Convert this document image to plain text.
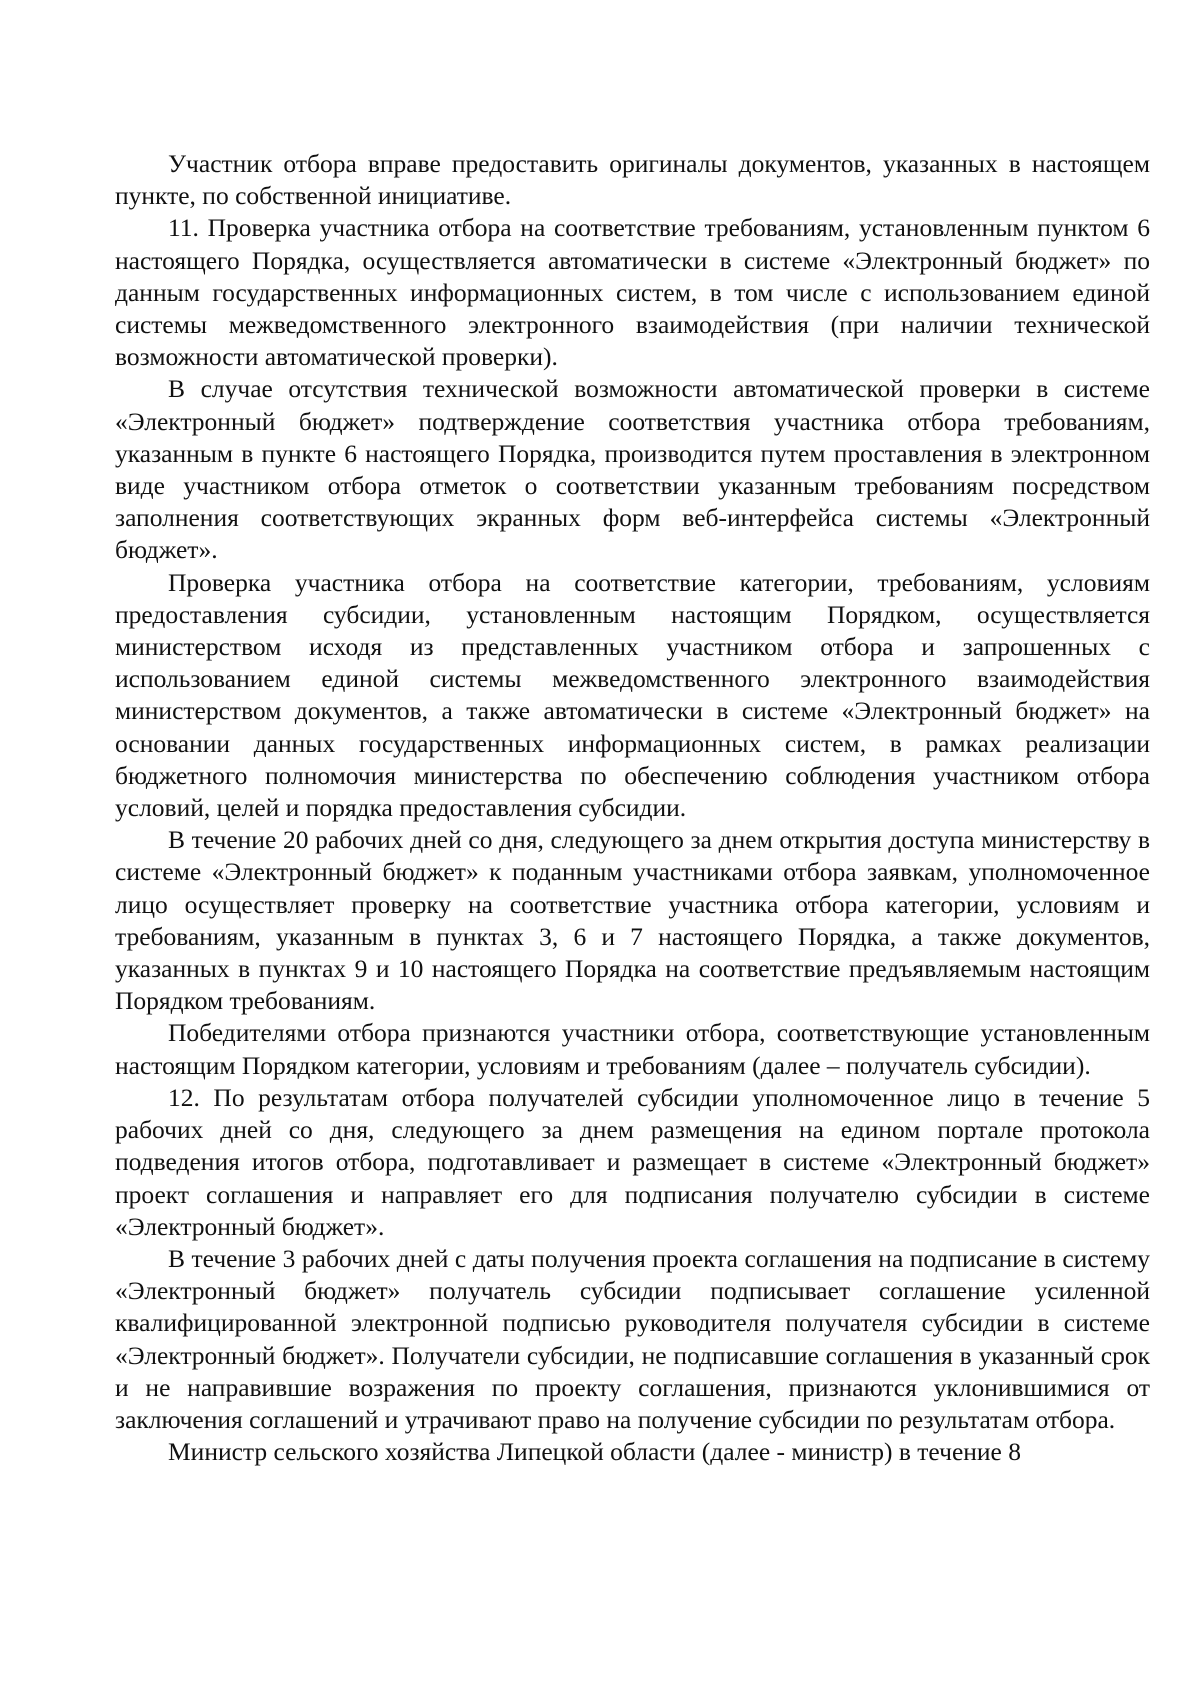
Участник отбора вправе предоставить оригиналы документов, указанных в настоящем пункте, по собственной инициативе.

11. Проверка участника отбора на соответствие требованиям, установленным пунктом 6 настоящего Порядка, осуществляется автоматически в системе «Электронный бюджет» по данным государственных информационных систем, в том числе с использованием единой системы межведомственного электронного взаимодействия (при наличии технической возможности автоматической проверки).

В случае отсутствия технической возможности автоматической проверки в системе «Электронный бюджет» подтверждение соответствия участника отбора требованиям, указанным в пункте 6 настоящего Порядка, производится путем проставления в электронном виде участником отбора отметок о соответствии указанным требованиям посредством заполнения соответствующих экранных форм веб-интерфейса системы «Электронный бюджет».

Проверка участника отбора на соответствие категории, требованиям, условиям предоставления субсидии, установленным настоящим Порядком, осуществляется министерством исходя из представленных участником отбора и запрошенных с использованием единой системы межведомственного электронного взаимодействия министерством документов, а также автоматически в системе «Электронный бюджет» на основании данных государственных информационных систем, в рамках реализации бюджетного полномочия министерства по обеспечению соблюдения участником отбора условий, целей и порядка предоставления субсидии.

В течение 20 рабочих дней со дня, следующего за днем открытия доступа министерству в системе «Электронный бюджет» к поданным участниками отбора заявкам, уполномоченное лицо осуществляет проверку на соответствие участника отбора категории, условиям и требованиям, указанным в пунктах 3, 6 и 7 настоящего Порядка, а также документов, указанных в пунктах 9 и 10 настоящего Порядка на соответствие предъявляемым настоящим Порядком требованиям.

Победителями отбора признаются участники отбора, соответствующие установленным настоящим Порядком категории, условиям и требованиям (далее – получатель субсидии).

12. По результатам отбора получателей субсидии уполномоченное лицо в течение 5 рабочих дней со дня, следующего за днем размещения на едином портале протокола подведения итогов отбора, подготавливает и размещает в системе «Электронный бюджет» проект соглашения и направляет его для подписания получателю субсидии в системе «Электронный бюджет».

В течение 3 рабочих дней с даты получения проекта соглашения на подписание в систему «Электронный бюджет» получатель субсидии подписывает соглашение усиленной квалифицированной электронной подписью руководителя получателя субсидии в системе «Электронный бюджет». Получатели субсидии, не подписавшие соглашения в указанный срок и не направившие возражения по проекту соглашения, признаются уклонившимися от заключения соглашений и утрачивают право на получение субсидии по результатам отбора.

Министр сельского хозяйства Липецкой области (далее - министр) в течение 8
